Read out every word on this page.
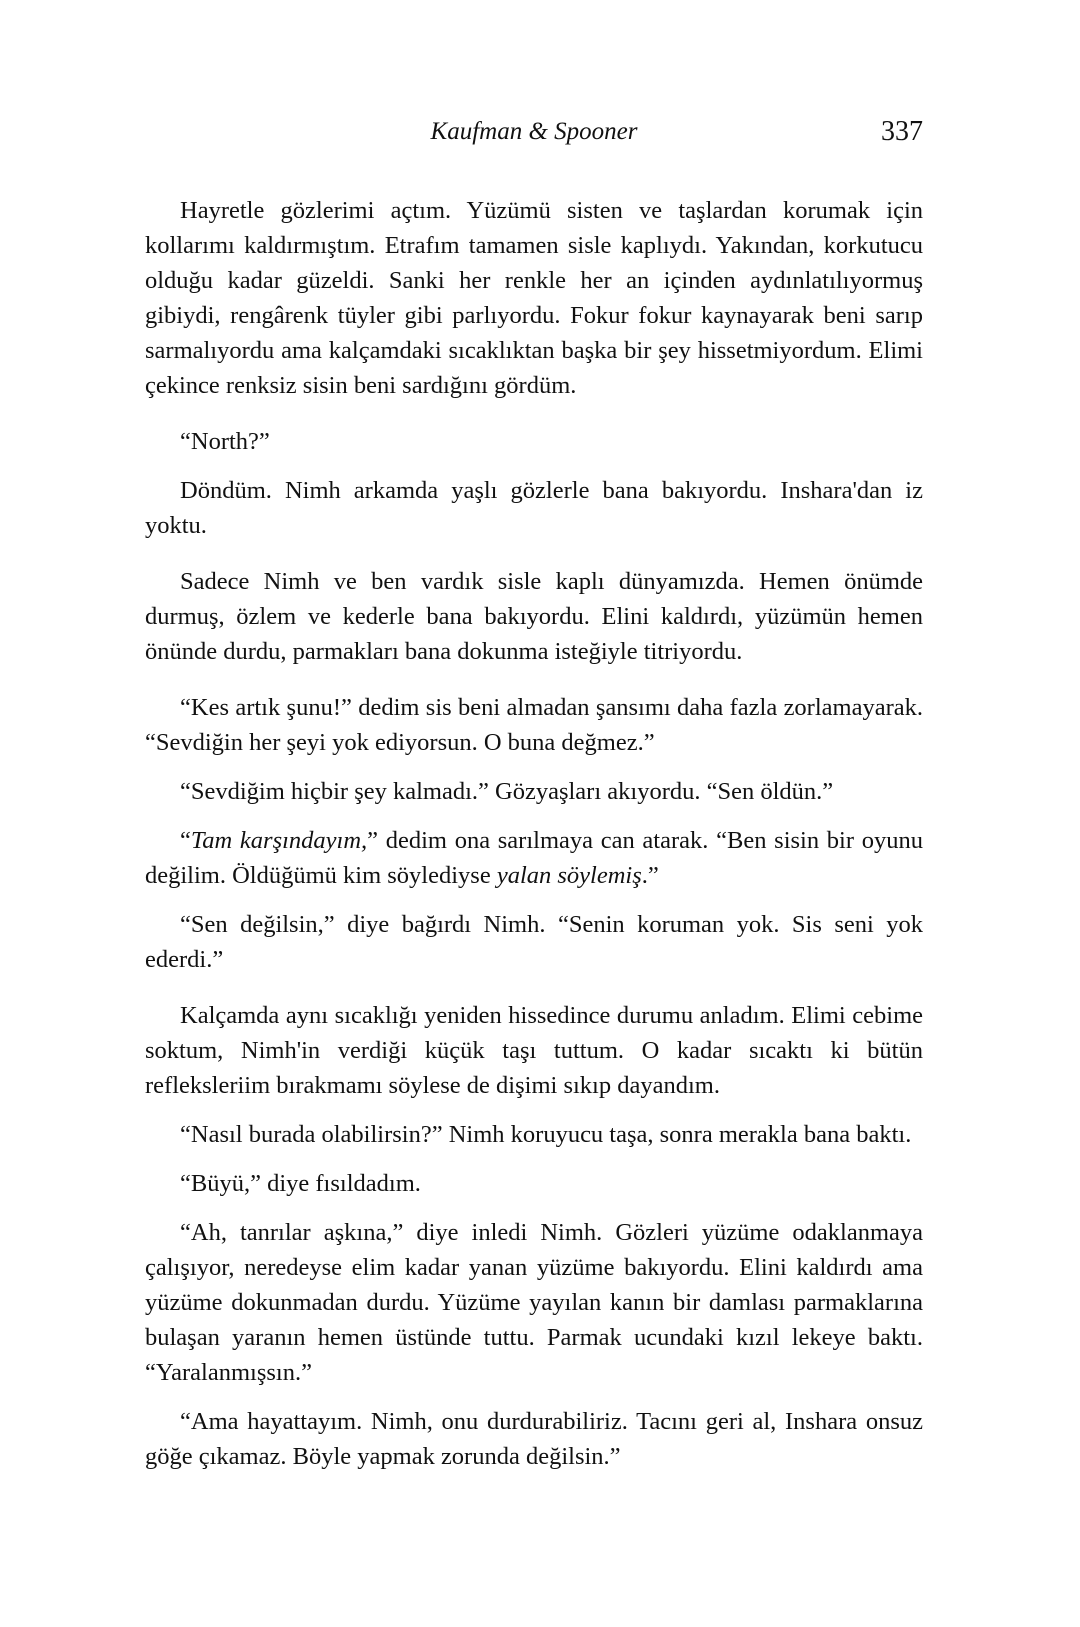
Kaufman & Spooner	337

Hayretle gözlerimi açtım. Yüzümü sisten ve taşlardan korumak için kollarımı kaldırmıştım. Etrafım tamamen sisle kaplıydı. Yakından, korkutucu olduğu kadar güzeldi. Sanki her renkle her an içinden aydınlatılıyormuş gibiydi, rengârenk tüyler gibi parlıyordu. Fokur fokur kaynayarak beni sarıp sarmalıyordu ama kalçamdaki sıcaklıktan başka bir şey hissetmiyordum. Elimi çekince renksiz sisin beni sardığını gördüm.

“North?”

Döndüm. Nimh arkamda yaşlı gözlerle bana bakıyordu. Inshara'dan iz yoktu.

Sadece Nimh ve ben vardık sisle kaplı dünyamızda. Hemen önümde durmuş, özlem ve kederle bana bakıyordu. Elini kaldırdı, yüzümün hemen önünde durdu, parmakları bana dokunma isteğiyle titriyordu.

“Kes artık şunu!” dedim sis beni almadan şansımı daha fazla zorlamayarak. “Sevdiğin her şeyi yok ediyorsun. O buna değmez.”

“Sevdiğim hiçbir şey kalmadı.” Gözyaşları akıyordu. “Sen öldün.”

“Tam karşındayım,” dedim ona sarılmaya can atarak. “Ben sisin bir oyunu değilim. Öldüğümü kim söylediyse yalan söylemiş.”

“Sen değilsin,” diye bağırdı Nimh. “Senin koruman yok. Sis seni yok ederdi.”

Kalçamda aynı sıcaklığı yeniden hissedince durumu anladım. Elimi cebime soktum, Nimh'in verdiği küçük taşı tuttum. O kadar sıcaktı ki bütün refleksleriim bırakmamı söylese de dişimi sıkıp dayandım.

“Nasıl burada olabilirsin?” Nimh koruyucu taşa, sonra merakla bana baktı.

“Büyü,” diye fısıldadım.

“Ah, tanrılar aşkına,” diye inledi Nimh. Gözleri yüzüme odaklanmaya çalışıyor, neredeyse elim kadar yanan yüzüme bakıyordu. Elini kaldırdı ama yüzüme dokunmadan durdu. Yüzüme yayılan kanın bir damlası parmaklarına bulaşan yaranın hemen üstünde tuttu. Parmak ucundaki kızıl lekeye baktı. “Yaralanmışsın.”

“Ama hayattayım. Nimh, onu durdurabiliriz. Tacını geri al, Inshara onsuz göğe çıkamaz. Böyle yapmak zorunda değilsin.”
